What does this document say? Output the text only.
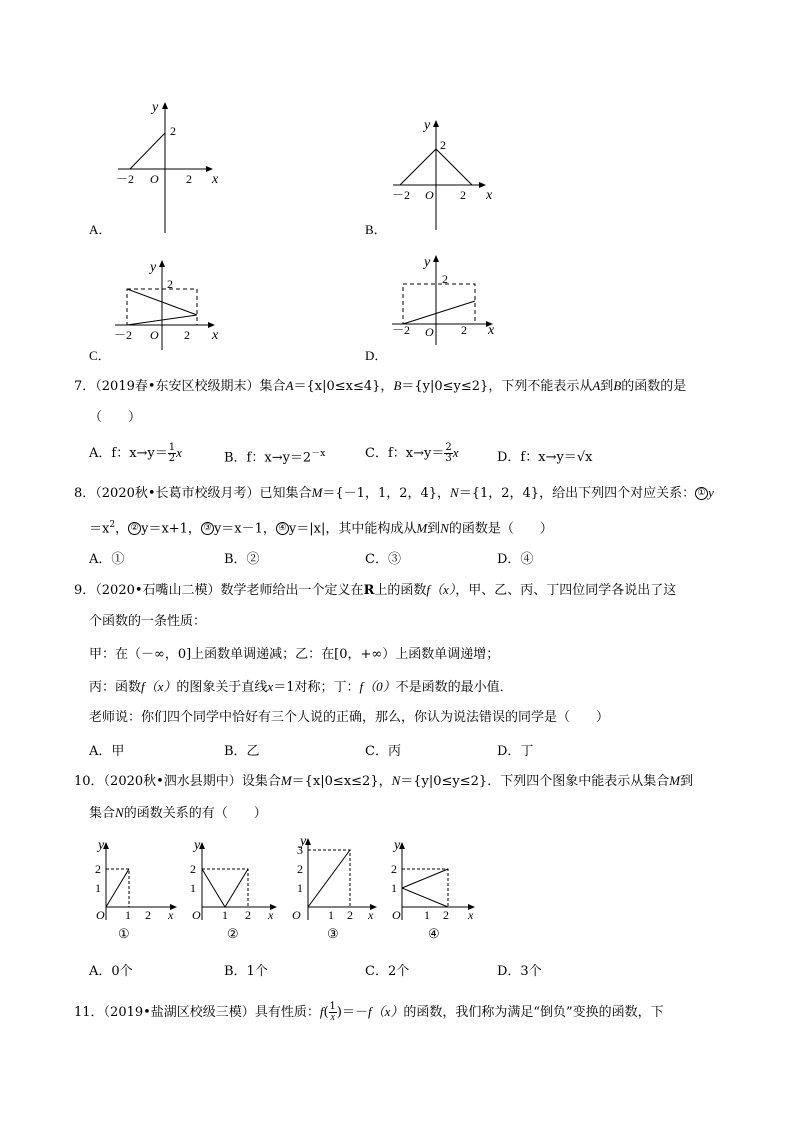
y
2
－2 O 2 x
A．
y
2
－2 O 2 x
B．
y
2
－2 O 2 x
C．
y
2
－2 O 2 x
D．
7．（2019春•东安区校级期末）集合A＝{x|0≤x≤4}，B＝{y|0≤y≤2}，下列不能表示从A到B的函数的是
（　　）
A．f：$x\to y= \frac{1}{2}$ x	B．f：$x\to y=2^{-x}$	C．f：$x\to y= \frac{2}{3}$ x	D．f：x→y＝√x
8．（2020秋•长葛市校级月考）已知集合M＝{－1，1，2，4}，N＝{1，2，4}，给出下列四个对应关系： ① y
$=x^2$， ② y＝x+1， ③ y＝x－1， ④ y＝|x|，其中能构成从M到N的函数是（　　）
A．①	B．②	C．③	D．④
9．（2020•石嘴山二模）数学老师给出一个定义在R上的函数f（x），甲、乙、丙、丁四位同学各说出了这
个函数的一条性质：
甲：在（－∞，0]上函数单调递减；乙：在[0，+∞）上函数单调递增；
丙：函数f（x）的图象关于直线x＝1对称；丁：f（0）不是函数的最小值．
老师说：你们四个同学中恰好有三个人说的正确，那么，你认为说法错误的同学是（　　）
A．甲	B．乙	C．丙	D．丁
10．（2020秋•泗水县期中）设集合M＝{x|0≤x≤2}，N＝{y|0≤y≤2}．下列四个图象中能表示从集合M到
集合N的函数关系的有（　　）
y
2
1
O 1 2 x
①
y
2
1
O 1 2 x
②
y
3
2
1
O 1 2 x
③
y
2
1
O 1 2 x
④
A．0个	B．1个	C．2个	D．3个
11．（2019•盐湖区校级三模）具有性质：$f( \frac{1}{x} )=-f(x)$的函数，我们称为满足“倒负”变换的函数，下
